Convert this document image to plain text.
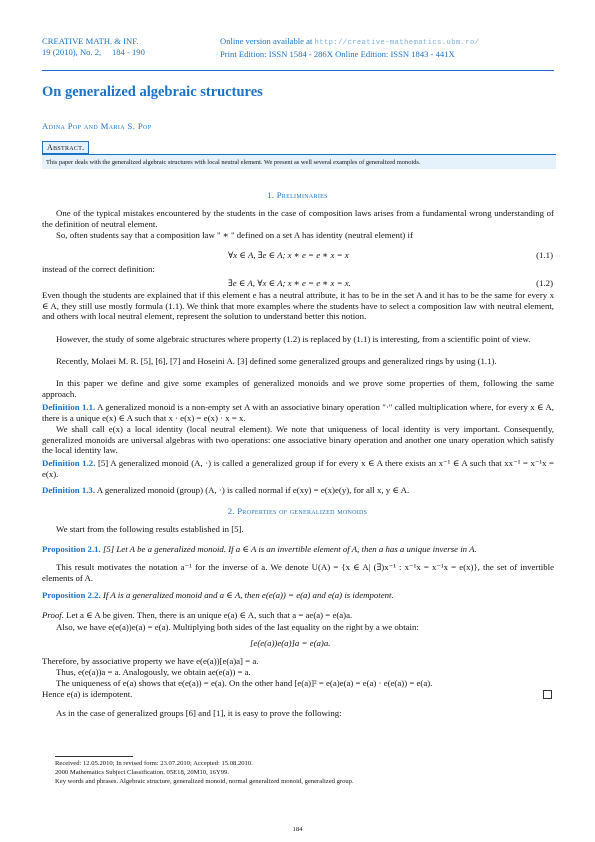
CREATIVE MATH. & INF.
19 (2010), No. 2, 184 - 190
Online version available at http://creative-mathematics.ubm.ro/
Print Edition: ISSN 1584 - 286X Online Edition: ISSN 1843 - 441X
On generalized algebraic structures
Adina Pop and Maria S. Pop
Abstract.
This paper deals with the generalized algebraic structures with local neutral element. We present as well several examples of generalized monoids.
1. Preliminaries
One of the typical mistakes encountered by the students in the case of composition laws arises from a fundamental wrong understanding of the definition of neutral element.
So, often students say that a composition law " ∗ " defined on a set A has identity (neutral element) if
∀x ∈ A, ∃e ∈ A; x ∗ e = e ∗ x = x	(1.1)
instead of the correct definition:
∃e ∈ A, ∀x ∈ A; x ∗ e = e ∗ x = x.	(1.2)
Even though the students are explained that if this element e has a neutral attribute, it has to be in the set A and it has to be the same for every x ∈ A, they still use mostly formula (1.1). We think that more examples where the students have to select a composition law with neutral element, and others with local neutral element, represent the solution to understand better this notion.
However, the study of some algebraic structures where property (1.2) is replaced by (1.1) is interesting, from a scientific point of view.
Recently, Molaei M. R. [5], [6], [7] and Hoseini A. [3] defined some generalized groups and generalized rings by using (1.1).
In this paper we define and give some examples of generalized monoids and we prove some properties of them, following the same approach.
Definition 1.1. A generalized monoid is a non-empty set A with an associative binary operation "·" called multiplication where, for every x ∈ A, there is a unique e(x) ∈ A such that x · e(x) = e(x) · x = x.
We shall call e(x) a local identity (local neutral element). We note that uniqueness of local identity is very important. Consequently, generalized monoids are universal algebras with two operations: one associative binary operation and another one unary operation which satisfy the local identity law.
Definition 1.2. [5] A generalized monoid (A, ·) is called a generalized group if for every x ∈ A there exists an x⁻¹ ∈ A such that xx⁻¹ = x⁻¹x = e(x).
Definition 1.3. A generalized monoid (group) (A, ·) is called normal if e(xy) = e(x)e(y), for all x, y ∈ A.
2. Properties of generalized monoids
We start from the following results established in [5].
Proposition 2.1. [5] Let A be a generalized monoid. If a ∈ A is an invertible element of A, then a has a unique inverse in A.
This result motivates the notation a⁻¹ for the inverse of a. We denote U(A) = {x ∈ A| (∃)x⁻¹ : x⁻¹x = x⁻¹x = e(x)}, the set of invertible elements of A.
Proposition 2.2. If A is a generalized monoid and a ∈ A, then e(e(a)) = e(a) and e(a) is idempotent.
Proof. Let a ∈ A be given. Then, there is an unique e(a) ∈ A, such that a = ae(a) = e(a)a.
Also, we have e(e(a))e(a) = e(a). Multiplying both sides of the last equality on the right by a we obtain:
[e(e(a))e(a)]a = e(a)a.
Therefore, by associative property we have e(e(a))[e(a)a] = a.
Thus, e(e(a))a = a. Analogously, we obtain ae(e(a)) = a.
The uniqueness of e(a) shows that e(e(a)) = e(a). On the other hand [e(a)]² = e(a)e(a) = e(a) · e(e(a)) = e(a).
Hence e(a) is idempotent.
As in the case of generalized groups [6] and [1], it is easy to prove the following:
Received: 12.05.2010; In revised form: 23.07.2010; Accepted: 15.08.2010.
2000 Mathematics Subject Classification. 05E18, 20M10, 16Y99.
Key words and phrases. Algebraic structure, generalized monoid, normal generalized monoid, generalized group.
184
